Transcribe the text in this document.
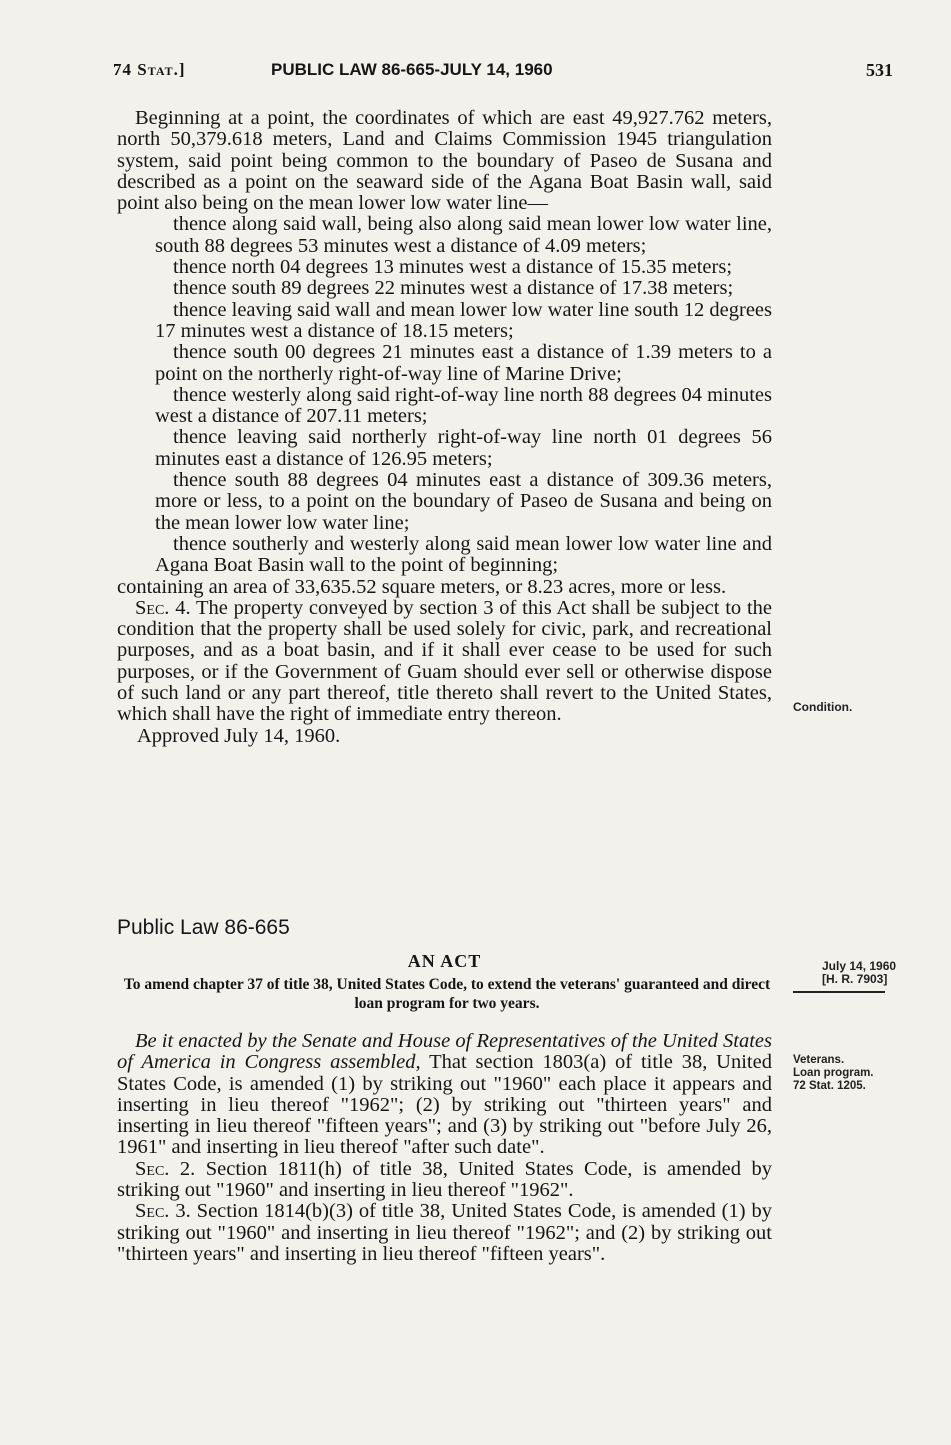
74 Stat.]	PUBLIC LAW 86-665-JULY 14, 1960	531

Beginning at a point, the coordinates of which are east 49,927.762 meters, north 50,379.618 meters, Land and Claims Commission 1945 triangulation system, said point being common to the boundary of Paseo de Susana and described as a point on the seaward side of the Agana Boat Basin wall, said point also being on the mean lower low water line—

thence along said wall, being also along said mean lower low water line, south 88 degrees 53 minutes west a distance of 4.09 meters;

thence north 04 degrees 13 minutes west a distance of 15.35 meters;

thence south 89 degrees 22 minutes west a distance of 17.38 meters;

thence leaving said wall and mean lower low water line south 12 degrees 17 minutes west a distance of 18.15 meters;

thence south 00 degrees 21 minutes east a distance of 1.39 meters to a point on the northerly right-of-way line of Marine Drive;

thence westerly along said right-of-way line north 88 degrees 04 minutes west a distance of 207.11 meters;

thence leaving said northerly right-of-way line north 01 degrees 56 minutes east a distance of 126.95 meters;

thence south 88 degrees 04 minutes east a distance of 309.36 meters, more or less, to a point on the boundary of Paseo de Susana and being on the mean lower low water line;

thence southerly and westerly along said mean lower low water line and Agana Boat Basin wall to the point of beginning;

containing an area of 33,635.52 square meters, or 8.23 acres, more or less.

Sec. 4. The property conveyed by section 3 of this Act shall be subject to the condition that the property shall be used solely for civic, park, and recreational purposes, and as a boat basin, and if it shall ever cease to be used for such purposes, or if the Government of Guam should ever sell or otherwise dispose of such land or any part thereof, title thereto shall revert to the United States, which shall have the right of immediate entry thereon.

Approved July 14, 1960.

Public Law 86-665
AN ACT
To amend chapter 37 of title 38, United States Code, to extend the veterans' guaranteed and direct loan program for two years.

Be it enacted by the Senate and House of Representatives of the United States of America in Congress assembled, That section 1803(a) of title 38, United States Code, is amended (1) by striking out "1960" each place it appears and inserting in lieu thereof "1962"; (2) by striking out "thirteen years" and inserting in lieu thereof "fifteen years"; and (3) by striking out "before July 26, 1961" and inserting in lieu thereof "after such date".

Sec. 2. Section 1811(h) of title 38, United States Code, is amended by striking out "1960" and inserting in lieu thereof "1962".

Sec. 3. Section 1814(b)(3) of title 38, United States Code, is amended (1) by striking out "1960" and inserting in lieu thereof "1962"; and (2) by striking out "thirteen years" and inserting in lieu thereof "fifteen years".

Condition.
July 14, 1960
[H. R. 7903]
Veterans.
Loan program.
72 Stat. 1205.
